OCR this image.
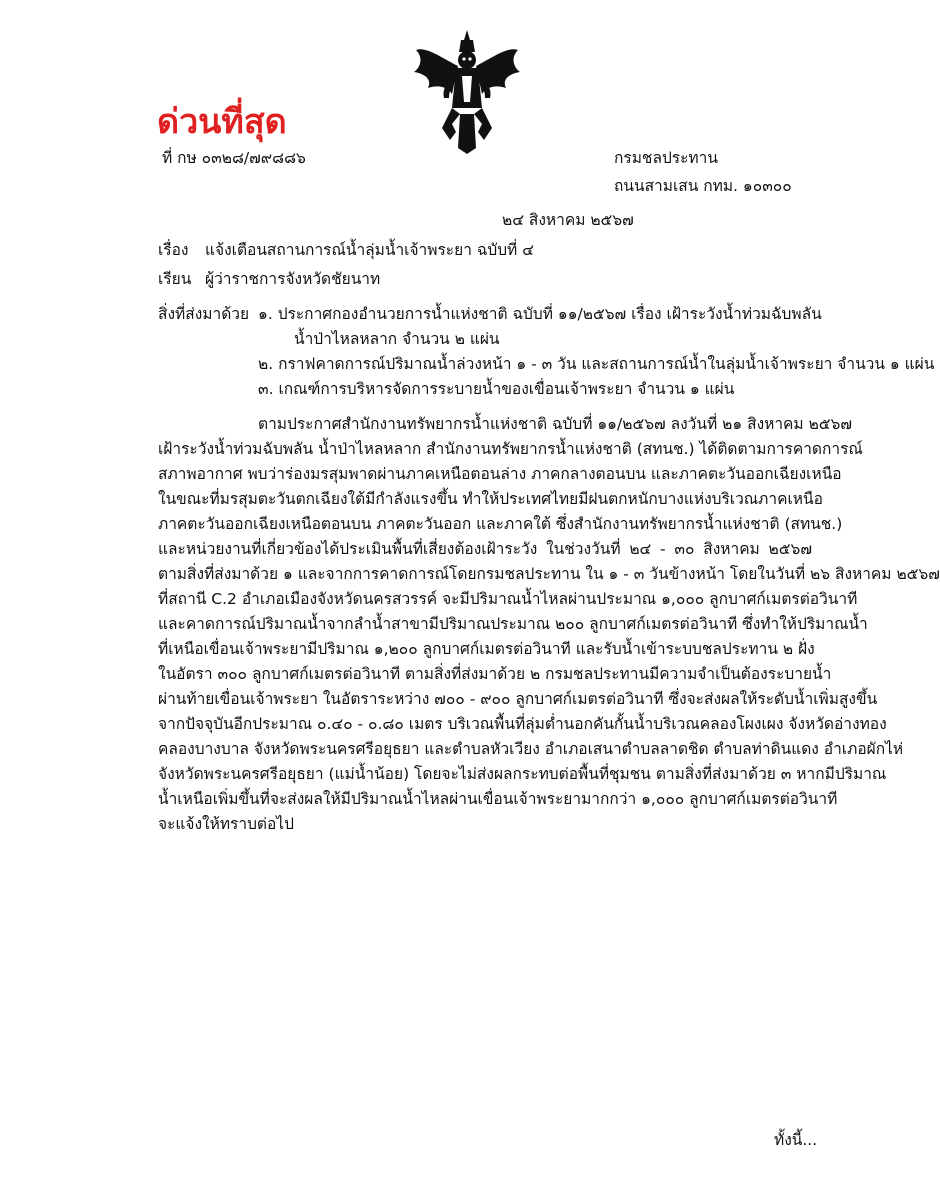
ด่วนที่สุด
ที่ กษ ๐๓๒๘/๗๙๘๘๖	กรมชลประทาน
ถนนสามเสน กทม. ๑๐๓๐๐
๒๔ สิงหาคม ๒๕๖๗
เรื่อง แจ้งเตือนสถานการณ์น้ำลุ่มน้ำเจ้าพระยา ฉบับที่ ๔
เรียน ผู้ว่าราชการจังหวัดชัยนาท
สิ่งที่ส่งมาด้วย ๑. ประกาศกองอำนวยการน้ำแห่งชาติ ฉบับที่ ๑๑/๒๕๖๗ เรื่อง เฝ้าระวังน้ำท่วมฉับพลัน
น้ำป่าไหลหลาก จำนวน ๒ แผ่น
๒. กราฟคาดการณ์ปริมาณน้ำล่วงหน้า ๑ - ๓ วัน และสถานการณ์น้ำในลุ่มน้ำเจ้าพระยา จำนวน ๑ แผ่น
๓. เกณฑ์การบริหารจัดการระบายน้ำของเขื่อนเจ้าพระยา จำนวน ๑ แผ่น
ตามประกาศสำนักงานทรัพยากรน้ำแห่งชาติ ฉบับที่ ๑๑/๒๕๖๗ ลงวันที่ ๒๑ สิงหาคม ๒๕๖๗
เฝ้าระวังน้ำท่วมฉับพลัน น้ำป่าไหลหลาก สำนักงานทรัพยากรน้ำแห่งชาติ (สทนช.) ได้ติดตามการคาดการณ์
สภาพอากาศ พบว่าร่องมรสุมพาดผ่านภาคเหนือตอนล่าง ภาคกลางตอนบน และภาคตะวันออกเฉียงเหนือ
ในขณะที่มรสุมตะวันตกเฉียงใต้มีกำลังแรงขึ้น ทำให้ประเทศไทยมีฝนตกหนักบางแห่งบริเวณภาคเหนือ
ภาคตะวันออกเฉียงเหนือตอนบน ภาคตะวันออก และภาคใต้ ซึ่งสำนักงานทรัพยากรน้ำแห่งชาติ (สทนช.)
และหน่วยงานที่เกี่ยวข้องได้ประเมินพื้นที่เสี่ยงต้องเฝ้าระวัง ในช่วงวันที่ ๒๔ - ๓๐ สิงหาคม ๒๕๖๗
ตามสิ่งที่ส่งมาด้วย ๑ และจากการคาดการณ์โดยกรมชลประทาน ใน ๑ - ๓ วันข้างหน้า โดยในวันที่ ๒๖ สิงหาคม ๒๕๖๗
ที่สถานี C.2 อำเภอเมืองจังหวัดนครสวรรค์ จะมีปริมาณน้ำไหลผ่านประมาณ ๑,๐๐๐ ลูกบาศก์เมตรต่อวินาที
และคาดการณ์ปริมาณน้ำจากลำน้ำสาขามีปริมาณประมาณ ๒๐๐ ลูกบาศก์เมตรต่อวินาที ซึ่งทำให้ปริมาณน้ำ
ที่เหนือเขื่อนเจ้าพระยามีปริมาณ ๑,๒๐๐ ลูกบาศก์เมตรต่อวินาที และรับน้ำเข้าระบบชลประทาน ๒ ฝั่ง
ในอัตรา ๓๐๐ ลูกบาศก์เมตรต่อวินาที ตามสิ่งที่ส่งมาด้วย ๒ กรมชลประทานมีความจำเป็นต้องระบายน้ำ
ผ่านท้ายเขื่อนเจ้าพระยา ในอัตราระหว่าง ๗๐๐ - ๙๐๐ ลูกบาศก์เมตรต่อวินาที ซึ่งจะส่งผลให้ระดับน้ำเพิ่มสูงขึ้น
จากปัจจุบันอีกประมาณ ๐.๔๐ - ๐.๘๐ เมตร บริเวณพื้นที่ลุ่มต่ำนอกคันกั้นน้ำบริเวณคลองโผงเผง จังหวัดอ่างทอง
คลองบางบาล จังหวัดพระนครศรีอยุธยา และตำบลหัวเวียง อำเภอเสนาตำบลลาดชิด ตำบลท่าดินแดง อำเภอผักไห่
จังหวัดพระนครศรีอยุธยา (แม่น้ำน้อย) โดยจะไม่ส่งผลกระทบต่อพื้นที่ชุมชน ตามสิ่งที่ส่งมาด้วย ๓ หากมีปริมาณ
น้ำเหนือเพิ่มขึ้นที่จะส่งผลให้มีปริมาณน้ำไหลผ่านเขื่อนเจ้าพระยามากกว่า ๑,๐๐๐ ลูกบาศก์เมตรต่อวินาที
จะแจ้งให้ทราบต่อไป
ทั้งนี้...
